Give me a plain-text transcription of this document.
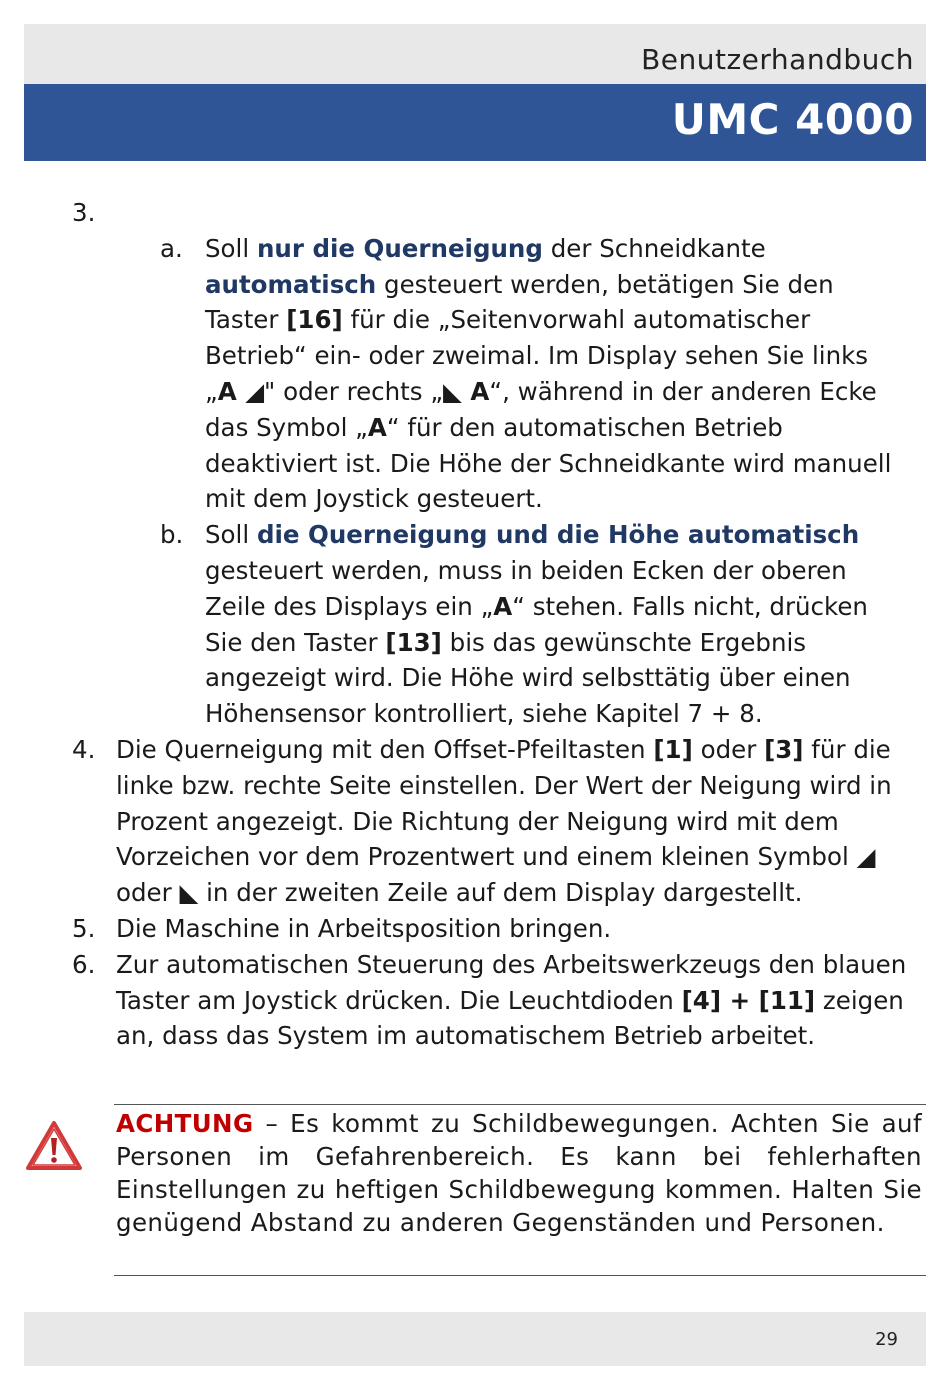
Benutzerhandbuch
UMC 4000
3.

a. Soll nur die Querneigung der Schneidkante automatisch gesteuert werden, betätigen Sie den Taster [16] für die „Seitenvorwahl automatischer Betrieb“ ein- oder zweimal. Im Display sehen Sie links „A ◢" oder rechts „◣ A“, während in der anderen Ecke das Symbol „A“ für den automatischen Betrieb deaktiviert ist. Die Höhe der Schneidkante wird manuell mit dem Joystick gesteuert.
b. Soll die Querneigung und die Höhe automatisch gesteuert werden, muss in beiden Ecken der oberen Zeile des Displays ein „A“ stehen. Falls nicht, drücken Sie den Taster [13] bis das gewünschte Ergebnis angezeigt wird. Die Höhe wird selbsttätig über einen Höhensensor kontrolliert, siehe Kapitel 7 + 8.
4. Die Querneigung mit den Offset-Pfeiltasten [1] oder [3] für die linke bzw. rechte Seite einstellen. Der Wert der Neigung wird in Prozent angezeigt. Die Richtung der Neigung wird mit dem Vorzeichen vor dem Prozentwert und einem kleinen Symbol ◢ oder ◣ in der zweiten Zeile auf dem Display dargestellt.
5. Die Maschine in Arbeitsposition bringen.
6. Zur automatischen Steuerung des Arbeitswerkzeugs den blauen Taster am Joystick drücken. Die Leuchtdioden [4] + [11] zeigen an, dass das System im automatischem Betrieb arbeitet.
ACHTUNG – Es kommt zu Schildbewegungen. Achten Sie auf Personen im Gefahrenbereich. Es kann bei fehlerhaften Einstellungen zu heftigen Schildbewegung kommen. Halten Sie genügend Abstand zu anderen Gegenständen und Personen.
29
